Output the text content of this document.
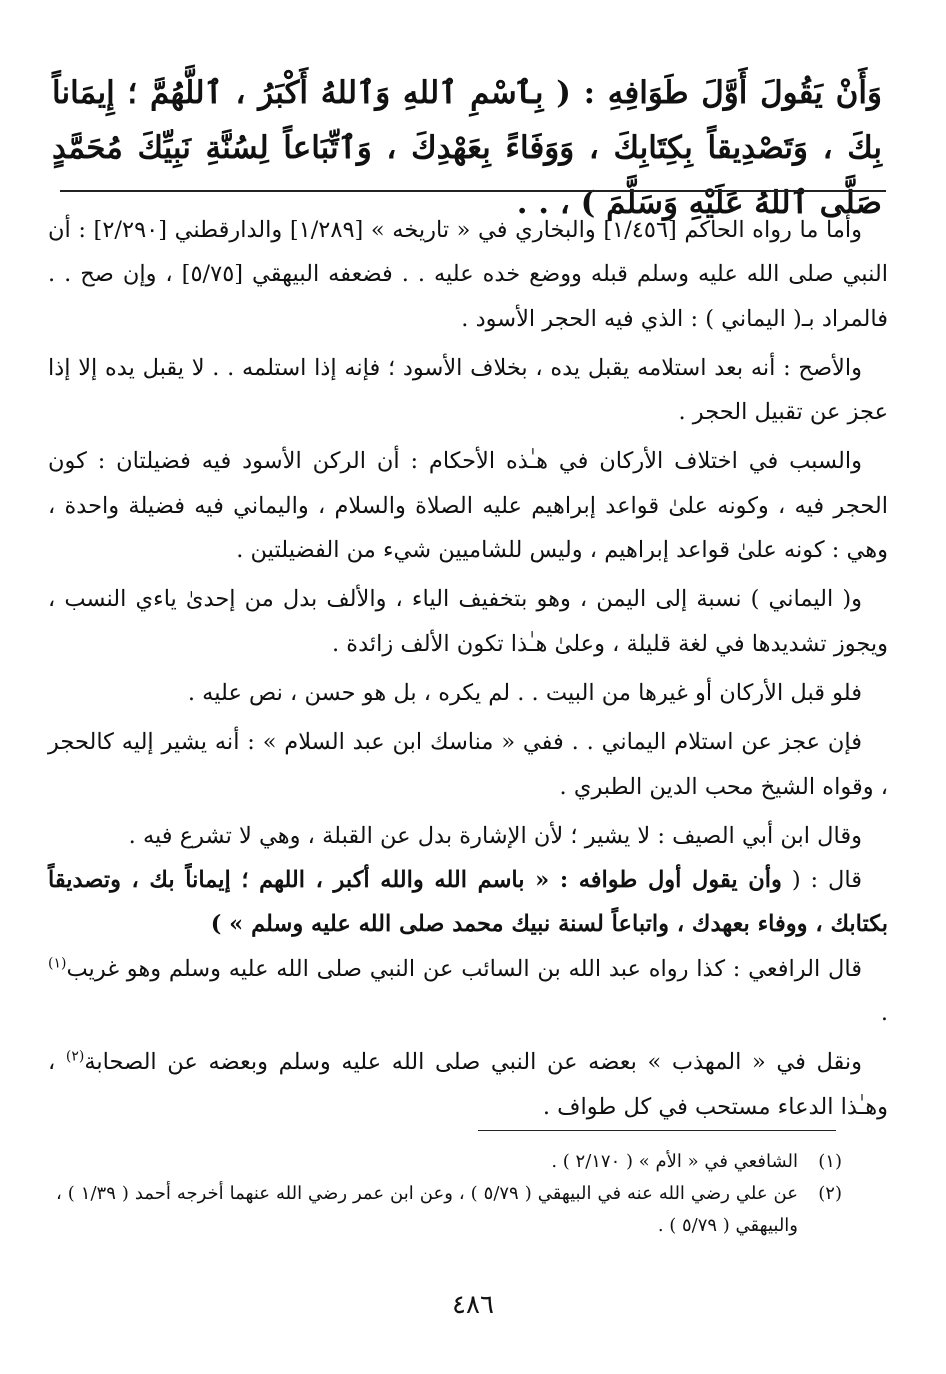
وَأَنْ يَقُولَ أَوَّلَ طَوَافِهِ : ( بِٱسْمِ ٱللهِ وَٱللهُ أَكْبَرُ ، ٱللَّهُمَّ ؛ إِيمَاناً بِكَ ، وَتَصْدِيقاً بِكِتَابِكَ ، وَوَفَاءً بِعَهْدِكَ ، وَٱتِّبَاعاً لِسُنَّةِ نَبِيِّكَ مُحَمَّدٍ صَلَّى ٱللهُ عَلَيْهِ وَسَلَّمَ ) ، . .

وأما ما رواه الحاكم [١/٤٥٦] والبخاري في « تاريخه » [١/٢٨٩] والدارقطني [٢/٢٩٠] : أن النبي صلى الله عليه وسلم قبله ووضع خده عليه . . فضعفه البيهقي [٥/٧٥] ، وإن صح . . فالمراد بـ( اليماني ) : الذي فيه الحجر الأسود .

والأصح : أنه بعد استلامه يقبل يده ، بخلاف الأسود ؛ فإنه إذا استلمه . . لا يقبل يده إلا إذا عجز عن تقبيل الحجر .

والسبب في اختلاف الأركان في هـٰذه الأحكام : أن الركن الأسود فيه فضيلتان : كون الحجر فيه ، وكونه علىٰ قواعد إبراهيم عليه الصلاة والسلام ، واليماني فيه فضيلة واحدة ، وهي : كونه علىٰ قواعد إبراهيم ، وليس للشاميين شيء من الفضيلتين .

و( اليماني ) نسبة إلى اليمن ، وهو بتخفيف الياء ، والألف بدل من إحدىٰ ياءي النسب ، ويجوز تشديدها في لغة قليلة ، وعلىٰ هـٰذا تكون الألف زائدة .

فلو قبل الأركان أو غيرها من البيت . . لم يكره ، بل هو حسن ، نص عليه .

فإن عجز عن استلام اليماني . . ففي « مناسك ابن عبد السلام » : أنه يشير إليه كالحجر ، وقواه الشيخ محب الدين الطبري .

وقال ابن أبي الصيف : لا يشير ؛ لأن الإشارة بدل عن القبلة ، وهي لا تشرع فيه .

قال : ( وأن يقول أول طوافه : « باسم الله والله أكبر ، اللهم ؛ إيماناً بك ، وتصديقاً بكتابك ، ووفاء بعهدك ، واتباعاً لسنة نبيك محمد صلى الله عليه وسلم » )

قال الرافعي : كذا رواه عبد الله بن السائب عن النبي صلى الله عليه وسلم وهو غريب$^{(١)}$ .

ونقل في « المهذب » بعضه عن النبي صلى الله عليه وسلم وبعضه عن الصحابة$^{(٢)}$ ، وهـٰذا الدعاء مستحب في كل طواف .

(١)
الشافعي في « الأم » ( ٢/١٧٠ ) .
(٢)
عن علي رضي الله عنه في البيهقي ( ٥/٧٩ ) ، وعن ابن عمر رضي الله عنهما أخرجه أحمد ( ١/٣٩ ) ، والبيهقي ( ٥/٧٩ ) .
٤٨٦
